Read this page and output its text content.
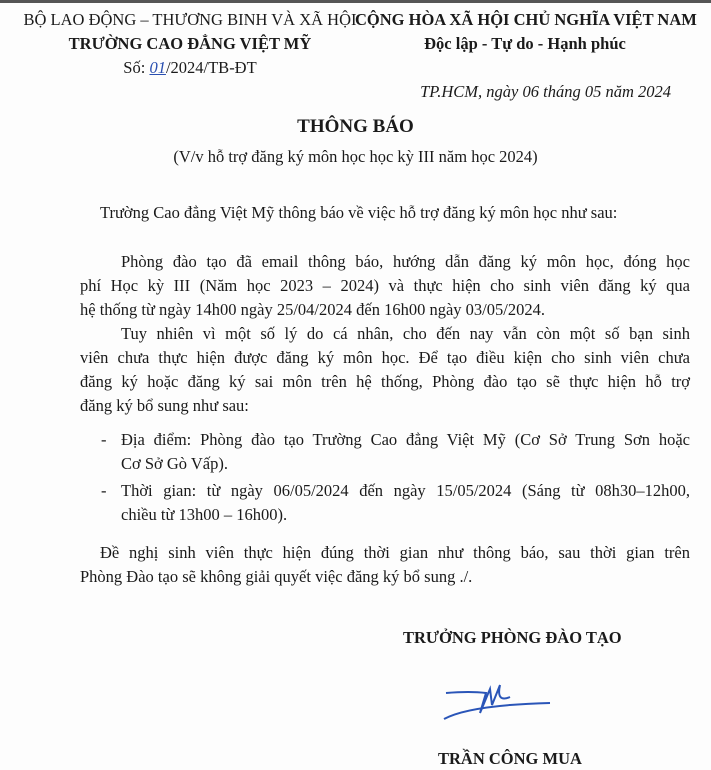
BỘ LAO ĐỘNG – THƯƠNG BINH VÀ XÃ HỘI
TRƯỜNG CAO ĐẲNG VIỆT MỸ
Số: 01/2024/TB-ĐT
CỘNG HÒA XÃ HỘI CHỦ NGHĨA VIỆT NAM
Độc lập - Tự do - Hạnh phúc
TP.HCM, ngày 06 tháng 05 năm 2024
THÔNG BÁO
(V/v hỗ trợ đăng ký môn học học kỳ III năm học 2024)
Trường Cao đẳng Việt Mỹ thông báo về việc hỗ trợ đăng ký môn học như sau:
Phòng đào tạo đã email thông báo, hướng dẫn đăng ký môn học, đóng học
phí Học kỳ III (Năm học 2023 – 2024) và thực hiện cho sinh viên đăng ký qua
hệ thống từ ngày 14h00 ngày 25/04/2024 đến 16h00 ngày 03/05/2024.
Tuy nhiên vì một số lý do cá nhân, cho đến nay vẫn còn một số bạn sinh
viên chưa thực hiện được đăng ký môn học. Để tạo điều kiện cho sinh viên chưa
đăng ký hoặc đăng ký sai môn trên hệ thống, Phòng đào tạo sẽ thực hiện hỗ trợ
đăng ký bổ sung như sau:
- Địa điểm: Phòng đào tạo Trường Cao đẳng Việt Mỹ (Cơ Sở Trung Sơn hoặc
Cơ Sở Gò Vấp).
- Thời gian: từ ngày 06/05/2024 đến ngày 15/05/2024 (Sáng từ 08h30–12h00,
chiều từ 13h00 – 16h00).
Đề nghị sinh viên thực hiện đúng thời gian như thông báo, sau thời gian trên
Phòng Đào tạo sẽ không giải quyết việc đăng ký bổ sung ./.
TRƯỞNG PHÒNG ĐÀO TẠO
TRẦN CÔNG MUA
